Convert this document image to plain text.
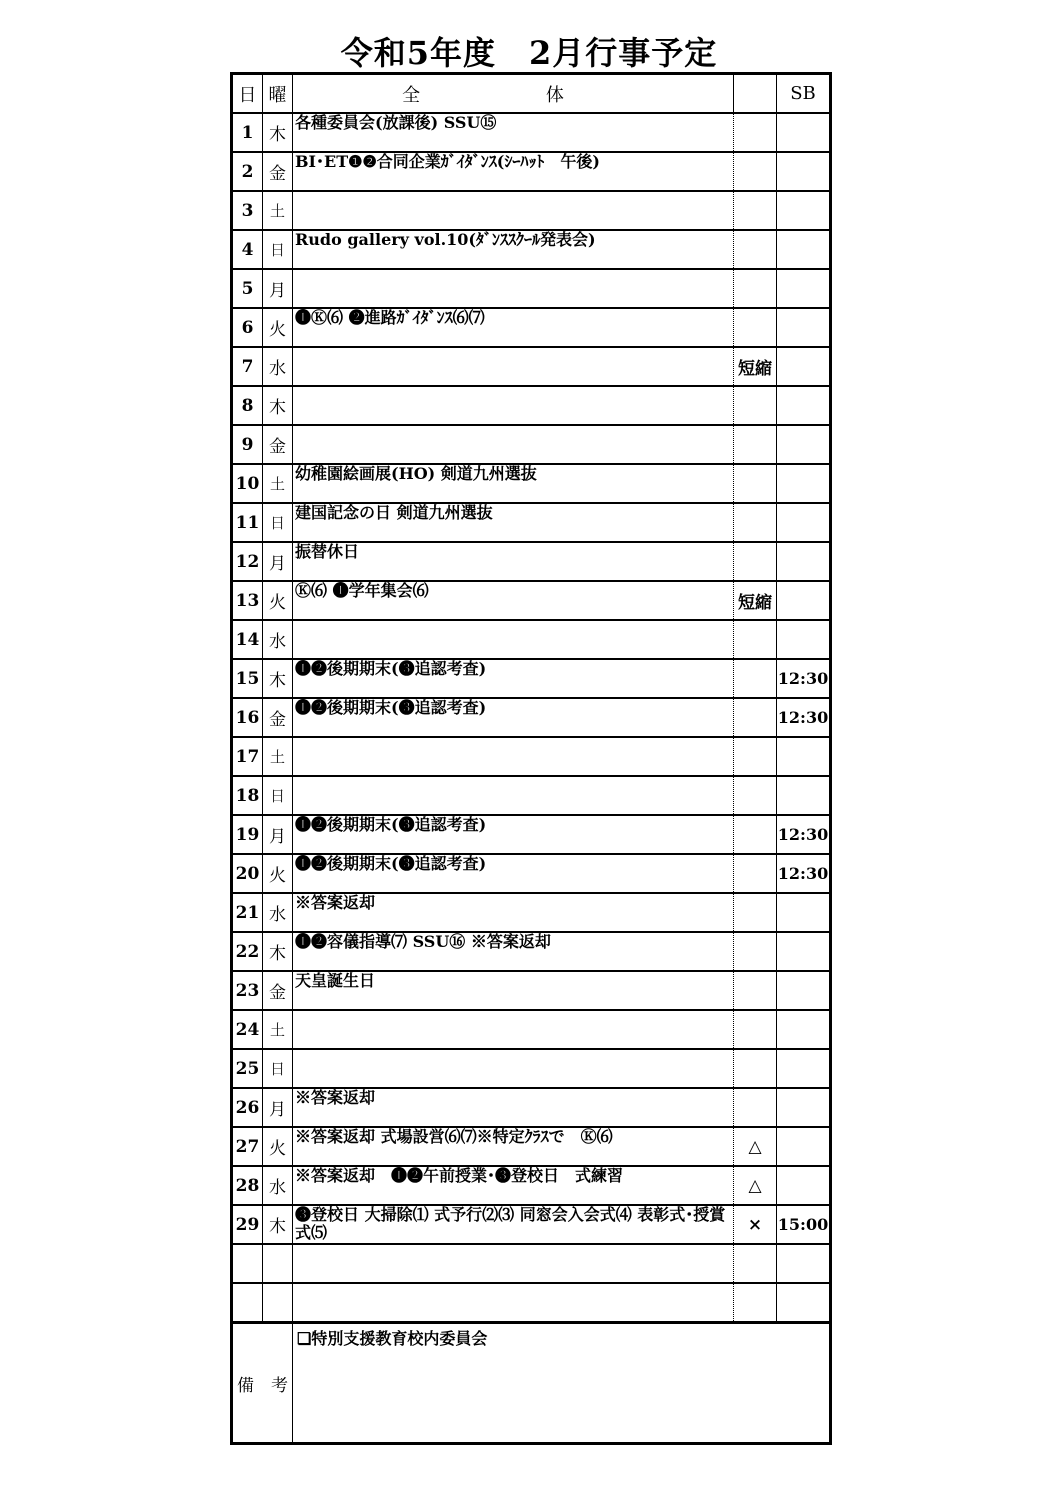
令和5年度　2月行事予定
日	曜	全 体		SB
1	木	各種委員会(放課後) SSU⑮		
2	金	BI･ET❶❷合同企業ｶﾞｲﾀﾞﾝｽ(ｼｰﾊｯﾄ　午後)		
3	土			
4	日	Rudo gallery vol.10(ﾀﾞﾝｽｽｸｰﾙ発表会)		
5	月			
6	火	❶Ⓚ⑹ ❷進路ｶﾞｲﾀﾞﾝｽ⑹⑺		
7	水		短縮	
8	木			
9	金			
10	土	幼稚園絵画展(HO) 剣道九州選抜		
11	日	建国記念の日 剣道九州選抜		
12	月	振替休日		
13	火	Ⓚ⑹ ❶学年集会⑹	短縮	
14	水			
15	木	❶❷後期期末(❸追認考査)		12:30
16	金	❶❷後期期末(❸追認考査)		12:30
17	土			
18	日			
19	月	❶❷後期期末(❸追認考査)		12:30
20	火	❶❷後期期末(❸追認考査)		12:30
21	水	※答案返却		
22	木	❶❷容儀指導⑺ SSU⑯ ※答案返却		
23	金	天皇誕生日		
24	土			
25	日			
26	月	※答案返却		
27	火	※答案返却 式場設営⑹⑺※特定ｸﾗｽで　Ⓚ⑹	△	
28	水	※答案返却　❶❷午前授業･❸登校日　式練習	△	
29	木	❸登校日 大掃除⑴ 式予行⑵⑶ 同窓会入会式⑷ 表彰式･授賞式⑸	×	15:00

備　考		❏特別支援教育校内委員会		
